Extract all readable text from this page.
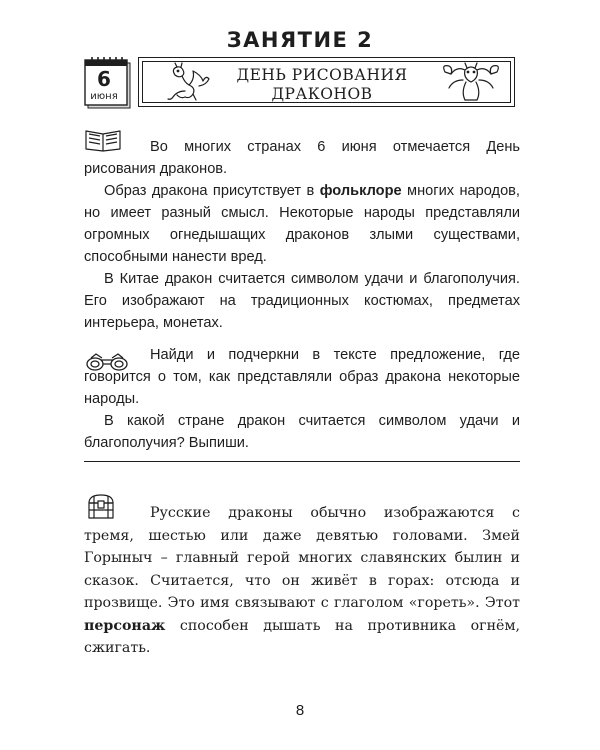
ЗАНЯТИЕ 2
6
июня
ДЕНЬ РИСОВАНИЯ
ДРАКОНОВ

Во многих странах 6 июня отмечается День рисования драконов.

Образ дракона присутствует в фольклоре многих народов, но имеет разный смысл. Некоторые народы представляли огромных огнедышащих драконов злыми существами, способными нанести вред.

В Китае дракон считается символом удачи и благополучия. Его изображают на традиционных костюмах, предметах интерьера, монетах.

Найди и подчеркни в тексте предложение, где говорится о том, как представляли образ дракона некоторые народы.

В какой стране дракон считается символом удачи и благополучия? Выпиши.

Русские драконы обычно изображаются с тремя, шестью или даже девятью головами. Змей Горыныч – главный герой многих славянских былин и сказок. Считается, что он живёт в горах: отсюда и прозвище. Это имя связывают с глаголом «гореть». Этот персонаж способен дышать на противника огнём, сжигать.

8
